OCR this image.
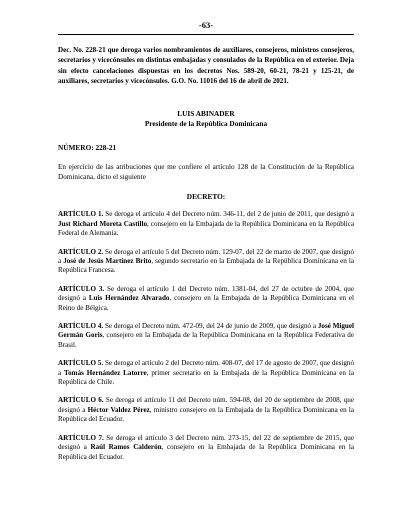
-63-
Dec. No. 228-21 que deroga varios nombramientos de auxiliares, consejeros, ministros consejeros, secretarios y vicecónsules en distintas embajadas y consulados de la República en el exterior. Deja sin efecto cancelaciones dispuestas en los decretos Nos. 589-20, 60-21, 78-21 y 125-21, de auxiliares, secretarios y vicecónsules. G.O. No. 11016 del 16 de abril de 2021.
LUIS ABINADER
Presidente de la República Dominicana
NÚMERO: 228-21
En ejercicio de las atribuciones que me confiere el artículo 128 de la Constitución de la República Dominicana, dicto el siguiente
DECRETO:

ARTÍCULO 1. Se deroga el artículo 4 del Decreto núm. 346-11, del 2 de junio de 2011, que designó a Just Richard Moreta Castillo, consejero en la Embajada de la República Dominicana en la República Federal de Alemania.

ARTÍCULO 2. Se deroga el artículo 5 del Decreto núm. 129-07, del 22 de marzo de 2007, que designó a José de Jesús Martínez Brito, segundo secretario en la Embajada de la República Dominicana en la República Francesa.

ARTÍCULO 3. Se deroga el artículo 1 del Decreto núm. 1381-04, del 27 de octubre de 2004, que designó a Luis Hernández Alvarado, consejero en la Embajada de la República Dominicana en el Reino de Bélgica.

ARTÍCULO 4. Se deroga el Decreto núm. 472-09, del 24 de junio de 2009, que designó a José Miguel Germán Goris, consejero en la Embajada de la República Dominicana en la República Federativa de Brasil.

ARTÍCULO 5. Se deroga el artículo 2 del Decreto núm. 408-07, del 17 de agosto de 2007, que designó a Tomás Hernández Latorre, primer secretario en la Embajada de la República Dominicana en la República de Chile.

ARTÍCULO 6. Se deroga el artículo 11 del Decreto núm. 594-08, del 20 de septiembre de 2008, que designó a Héctor Valdez Pérez, ministro consejero en la Embajada de la República Dominicana en la República del Ecuador.

ARTÍCULO 7. Se deroga el artículo 3 del Decreto núm. 273-15, del 22 de septiembre de 2015, que designó a Raúl Ramos Calderón, consejero en la Embajada de la República Dominicana en la República del Ecuador.
